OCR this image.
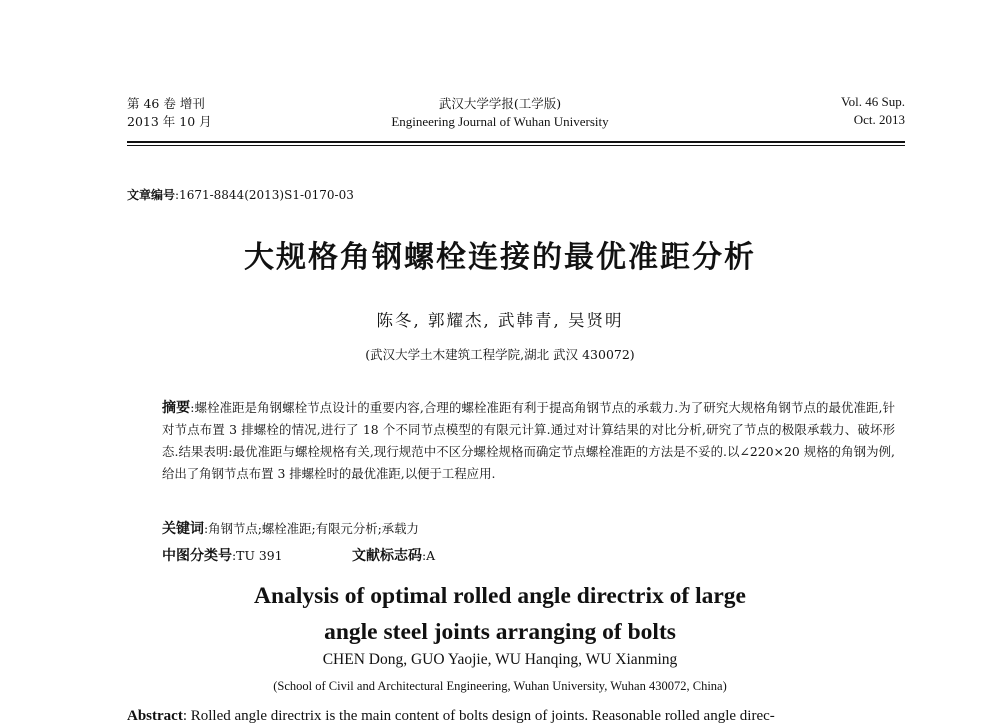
第 46 卷 增刊
2013 年 10 月
武汉大学学报(工学版)
Engineering Journal of Wuhan University
Vol. 46 Sup.
Oct. 2013
文章编号:1671-8844(2013)S1-0170-03
大规格角钢螺栓连接的最优准距分析
陈冬, 郭耀杰, 武韩青, 吴贤明
(武汉大学土木建筑工程学院,湖北 武汉 430072)
摘要:螺栓准距是角钢螺栓节点设计的重要内容,合理的螺栓准距有利于提高角钢节点的承载力.为了研究大规格角钢节点的最优准距,针对节点布置 3 排螺栓的情况,进行了 18 个不同节点模型的有限元计算.通过对计算结果的对比分析,研究了节点的极限承载力、破坏形态.结果表明:最优准距与螺栓规格有关,现行规范中不区分螺栓规格而确定节点螺栓准距的方法是不妥的.以∠220×20 规格的角钢为例,给出了角钢节点布置 3 排螺栓时的最优准距,以便于工程应用.
关键词:角钢节点;螺栓准距;有限元分析;承载力
中图分类号:TU 391	文献标志码:A
Analysis of optimal rolled angle directrix of large
angle steel joints arranging of bolts
CHEN Dong, GUO Yaojie, WU Hanqing, WU Xianming
(School of Civil and Architectural Engineering, Wuhan University, Wuhan 430072, China)
Abstract: Rolled angle directrix is the main content of bolts design of joints. Reasonable rolled angle direc-
